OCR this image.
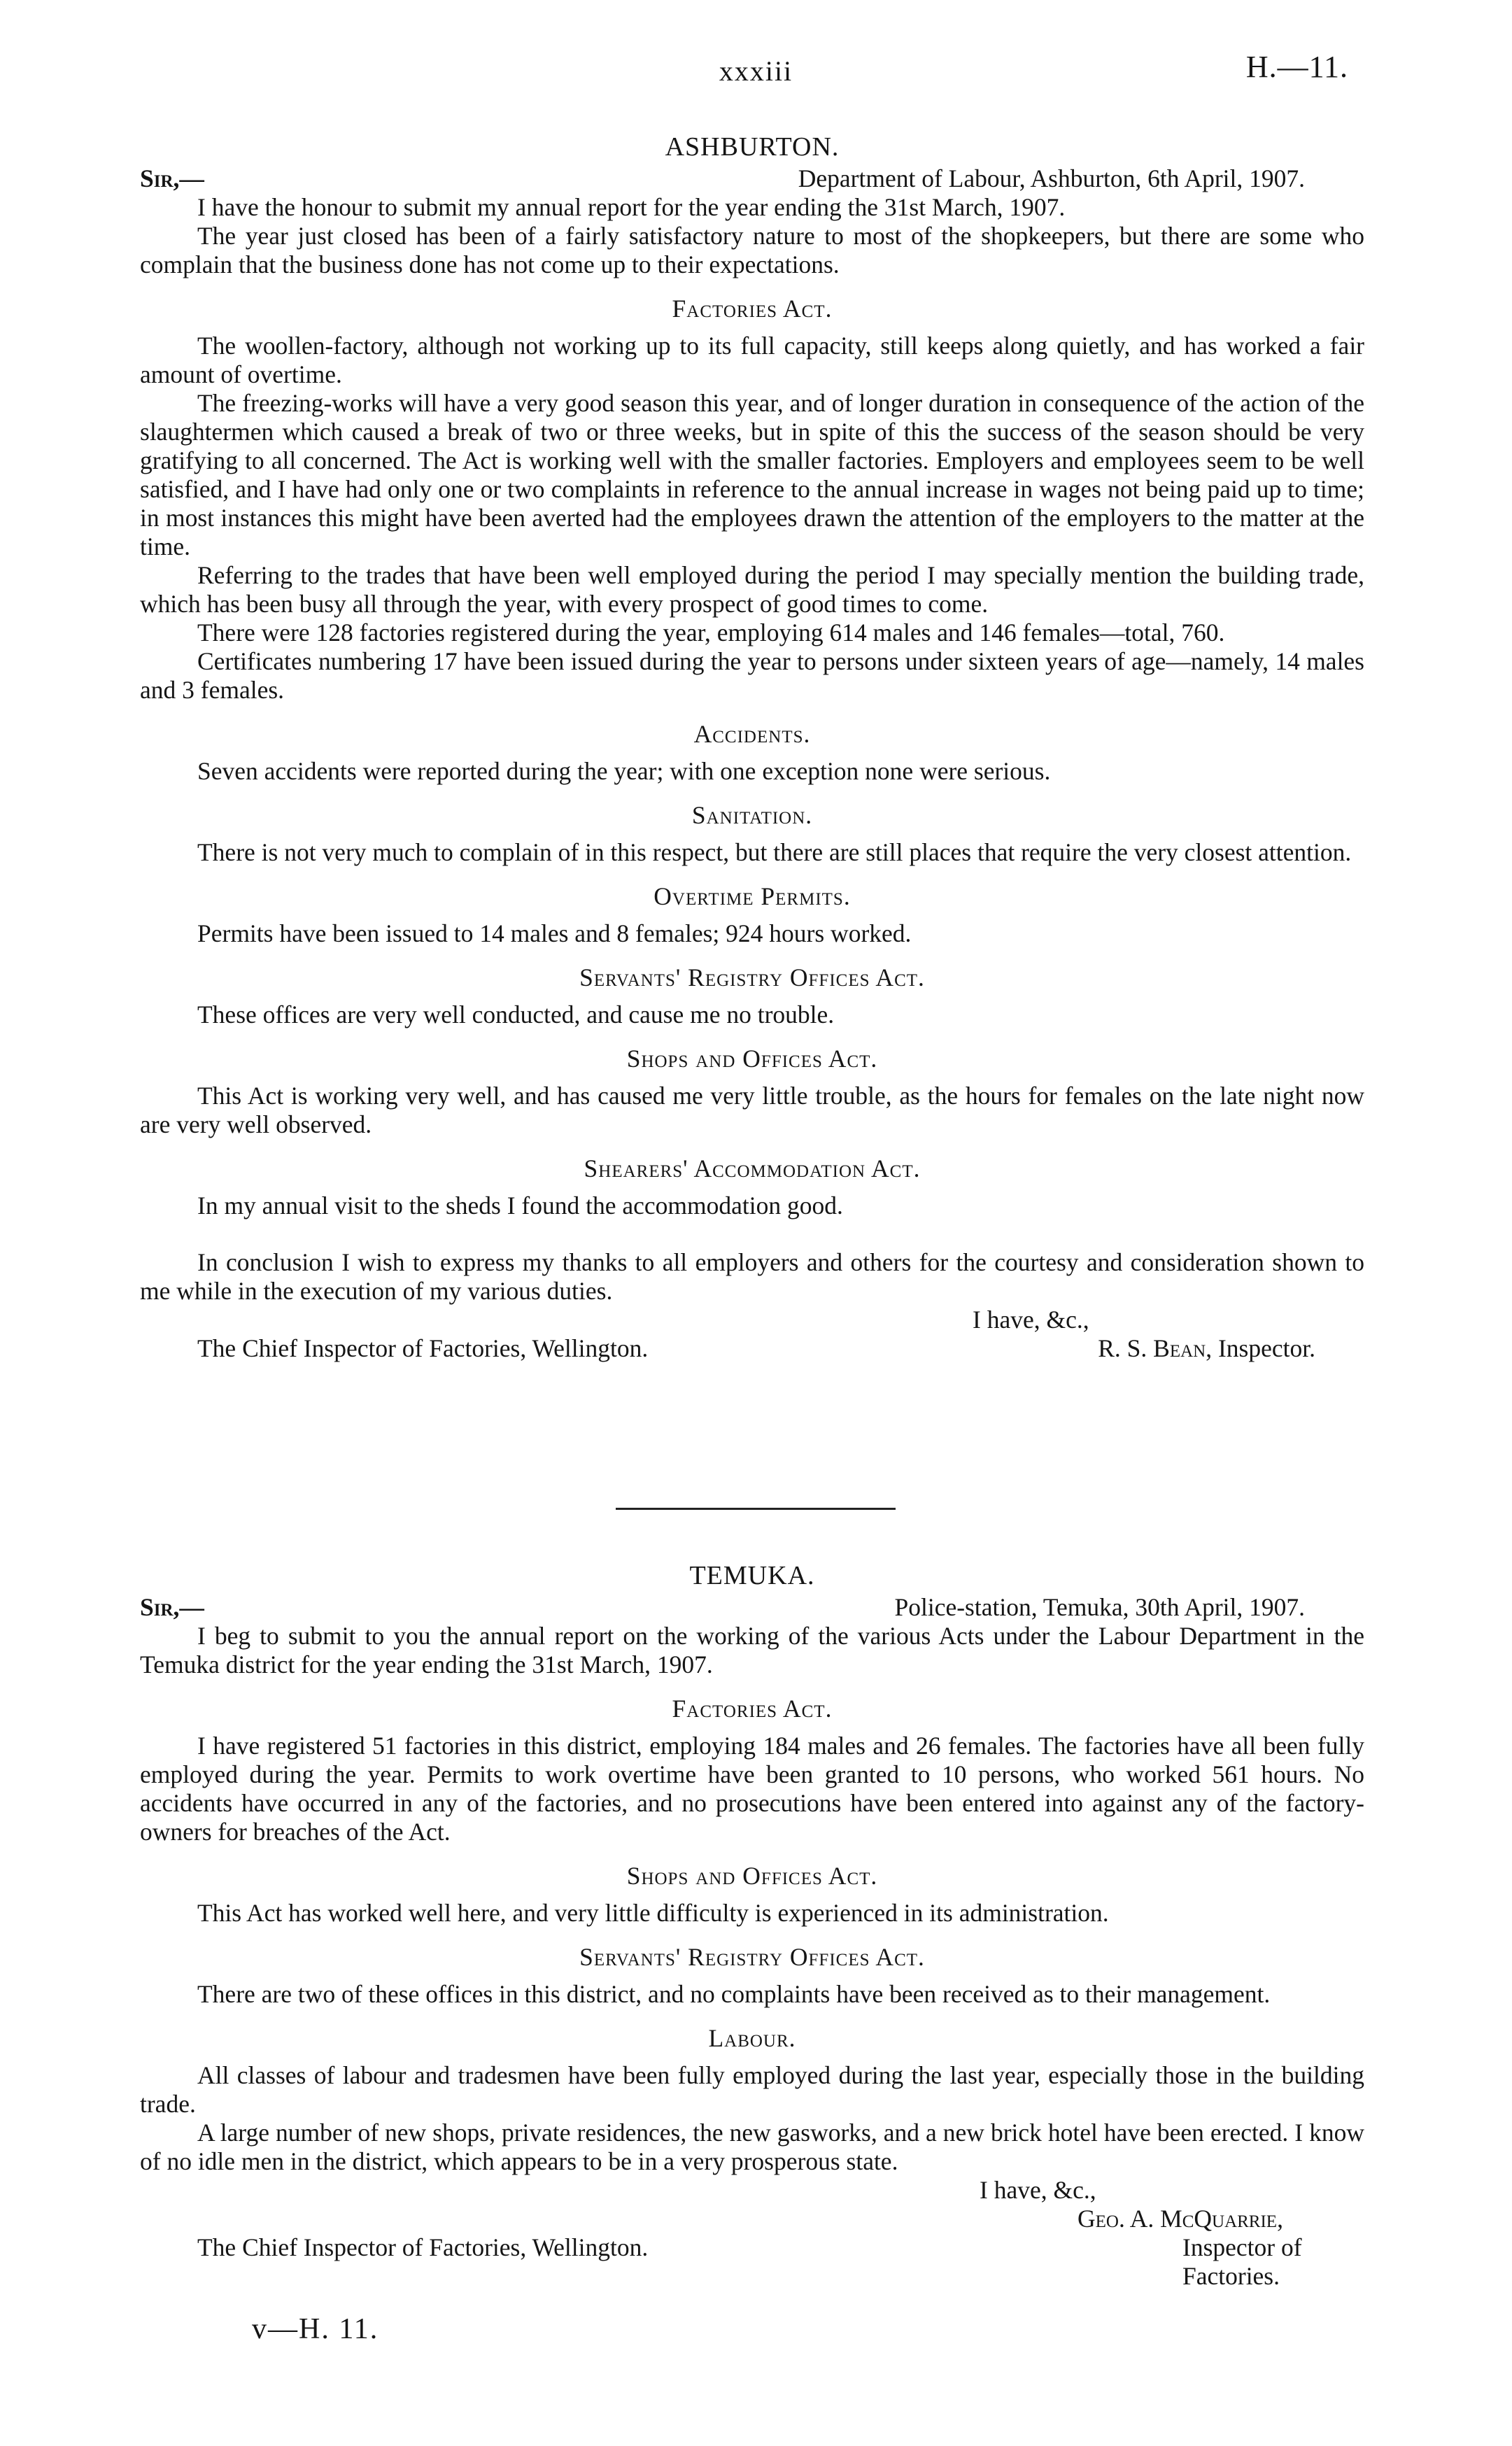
xxxiii	H.—11.
ASHBURTON.
Sir,—	Department of Labour, Ashburton, 6th April, 1907.

I have the honour to submit my annual report for the year ending the 31st March, 1907.

The year just closed has been of a fairly satisfactory nature to most of the shopkeepers, but there are some who complain that the business done has not come up to their expectations.

Factories Act.

The woollen-factory, although not working up to its full capacity, still keeps along quietly, and has worked a fair amount of overtime.

The freezing-works will have a very good season this year, and of longer duration in consequence of the action of the slaughtermen which caused a break of two or three weeks, but in spite of this the success of the season should be very gratifying to all concerned. The Act is working well with the smaller factories. Employers and employees seem to be well satisfied, and I have had only one or two complaints in reference to the annual increase in wages not being paid up to time; in most instances this might have been averted had the employees drawn the attention of the employers to the matter at the time.

Referring to the trades that have been well employed during the period I may specially mention the building trade, which has been busy all through the year, with every prospect of good times to come.

There were 128 factories registered during the year, employing 614 males and 146 females—total, 760.

Certificates numbering 17 have been issued during the year to persons under sixteen years of age—namely, 14 males and 3 females.

Accidents.

Seven accidents were reported during the year; with one exception none were serious.

Sanitation.

There is not very much to complain of in this respect, but there are still places that require the very closest attention.

Overtime Permits.

Permits have been issued to 14 males and 8 females; 924 hours worked.

Servants' Registry Offices Act.

These offices are very well conducted, and cause me no trouble.

Shops and Offices Act.

This Act is working very well, and has caused me very little trouble, as the hours for females on the late night now are very well observed.

Shearers' Accommodation Act.

In my annual visit to the sheds I found the accommodation good.

In conclusion I wish to express my thanks to all employers and others for the courtesy and consideration shown to me while in the execution of my various duties.

I have, &c.,
The Chief Inspector of Factories, Wellington.	R. S. Bean, Inspector.
TEMUKA.
Sir,—	Police-station, Temuka, 30th April, 1907.

I beg to submit to you the annual report on the working of the various Acts under the Labour Department in the Temuka district for the year ending the 31st March, 1907.

Factories Act.

I have registered 51 factories in this district, employing 184 males and 26 females. The factories have all been fully employed during the year. Permits to work overtime have been granted to 10 persons, who worked 561 hours. No accidents have occurred in any of the factories, and no prosecutions have been entered into against any of the factory-owners for breaches of the Act.

Shops and Offices Act.

This Act has worked well here, and very little difficulty is experienced in its administration.

Servants' Registry Offices Act.

There are two of these offices in this district, and no complaints have been received as to their management.

Labour.

All classes of labour and tradesmen have been fully employed during the last year, especially those in the building trade.

A large number of new shops, private residences, the new gasworks, and a new brick hotel have been erected. I know of no idle men in the district, which appears to be in a very prosperous state.

I have, &c.,
Geo. A. McQuarrie,
The Chief Inspector of Factories, Wellington.	Inspector of Factories.
v—H. 11.
